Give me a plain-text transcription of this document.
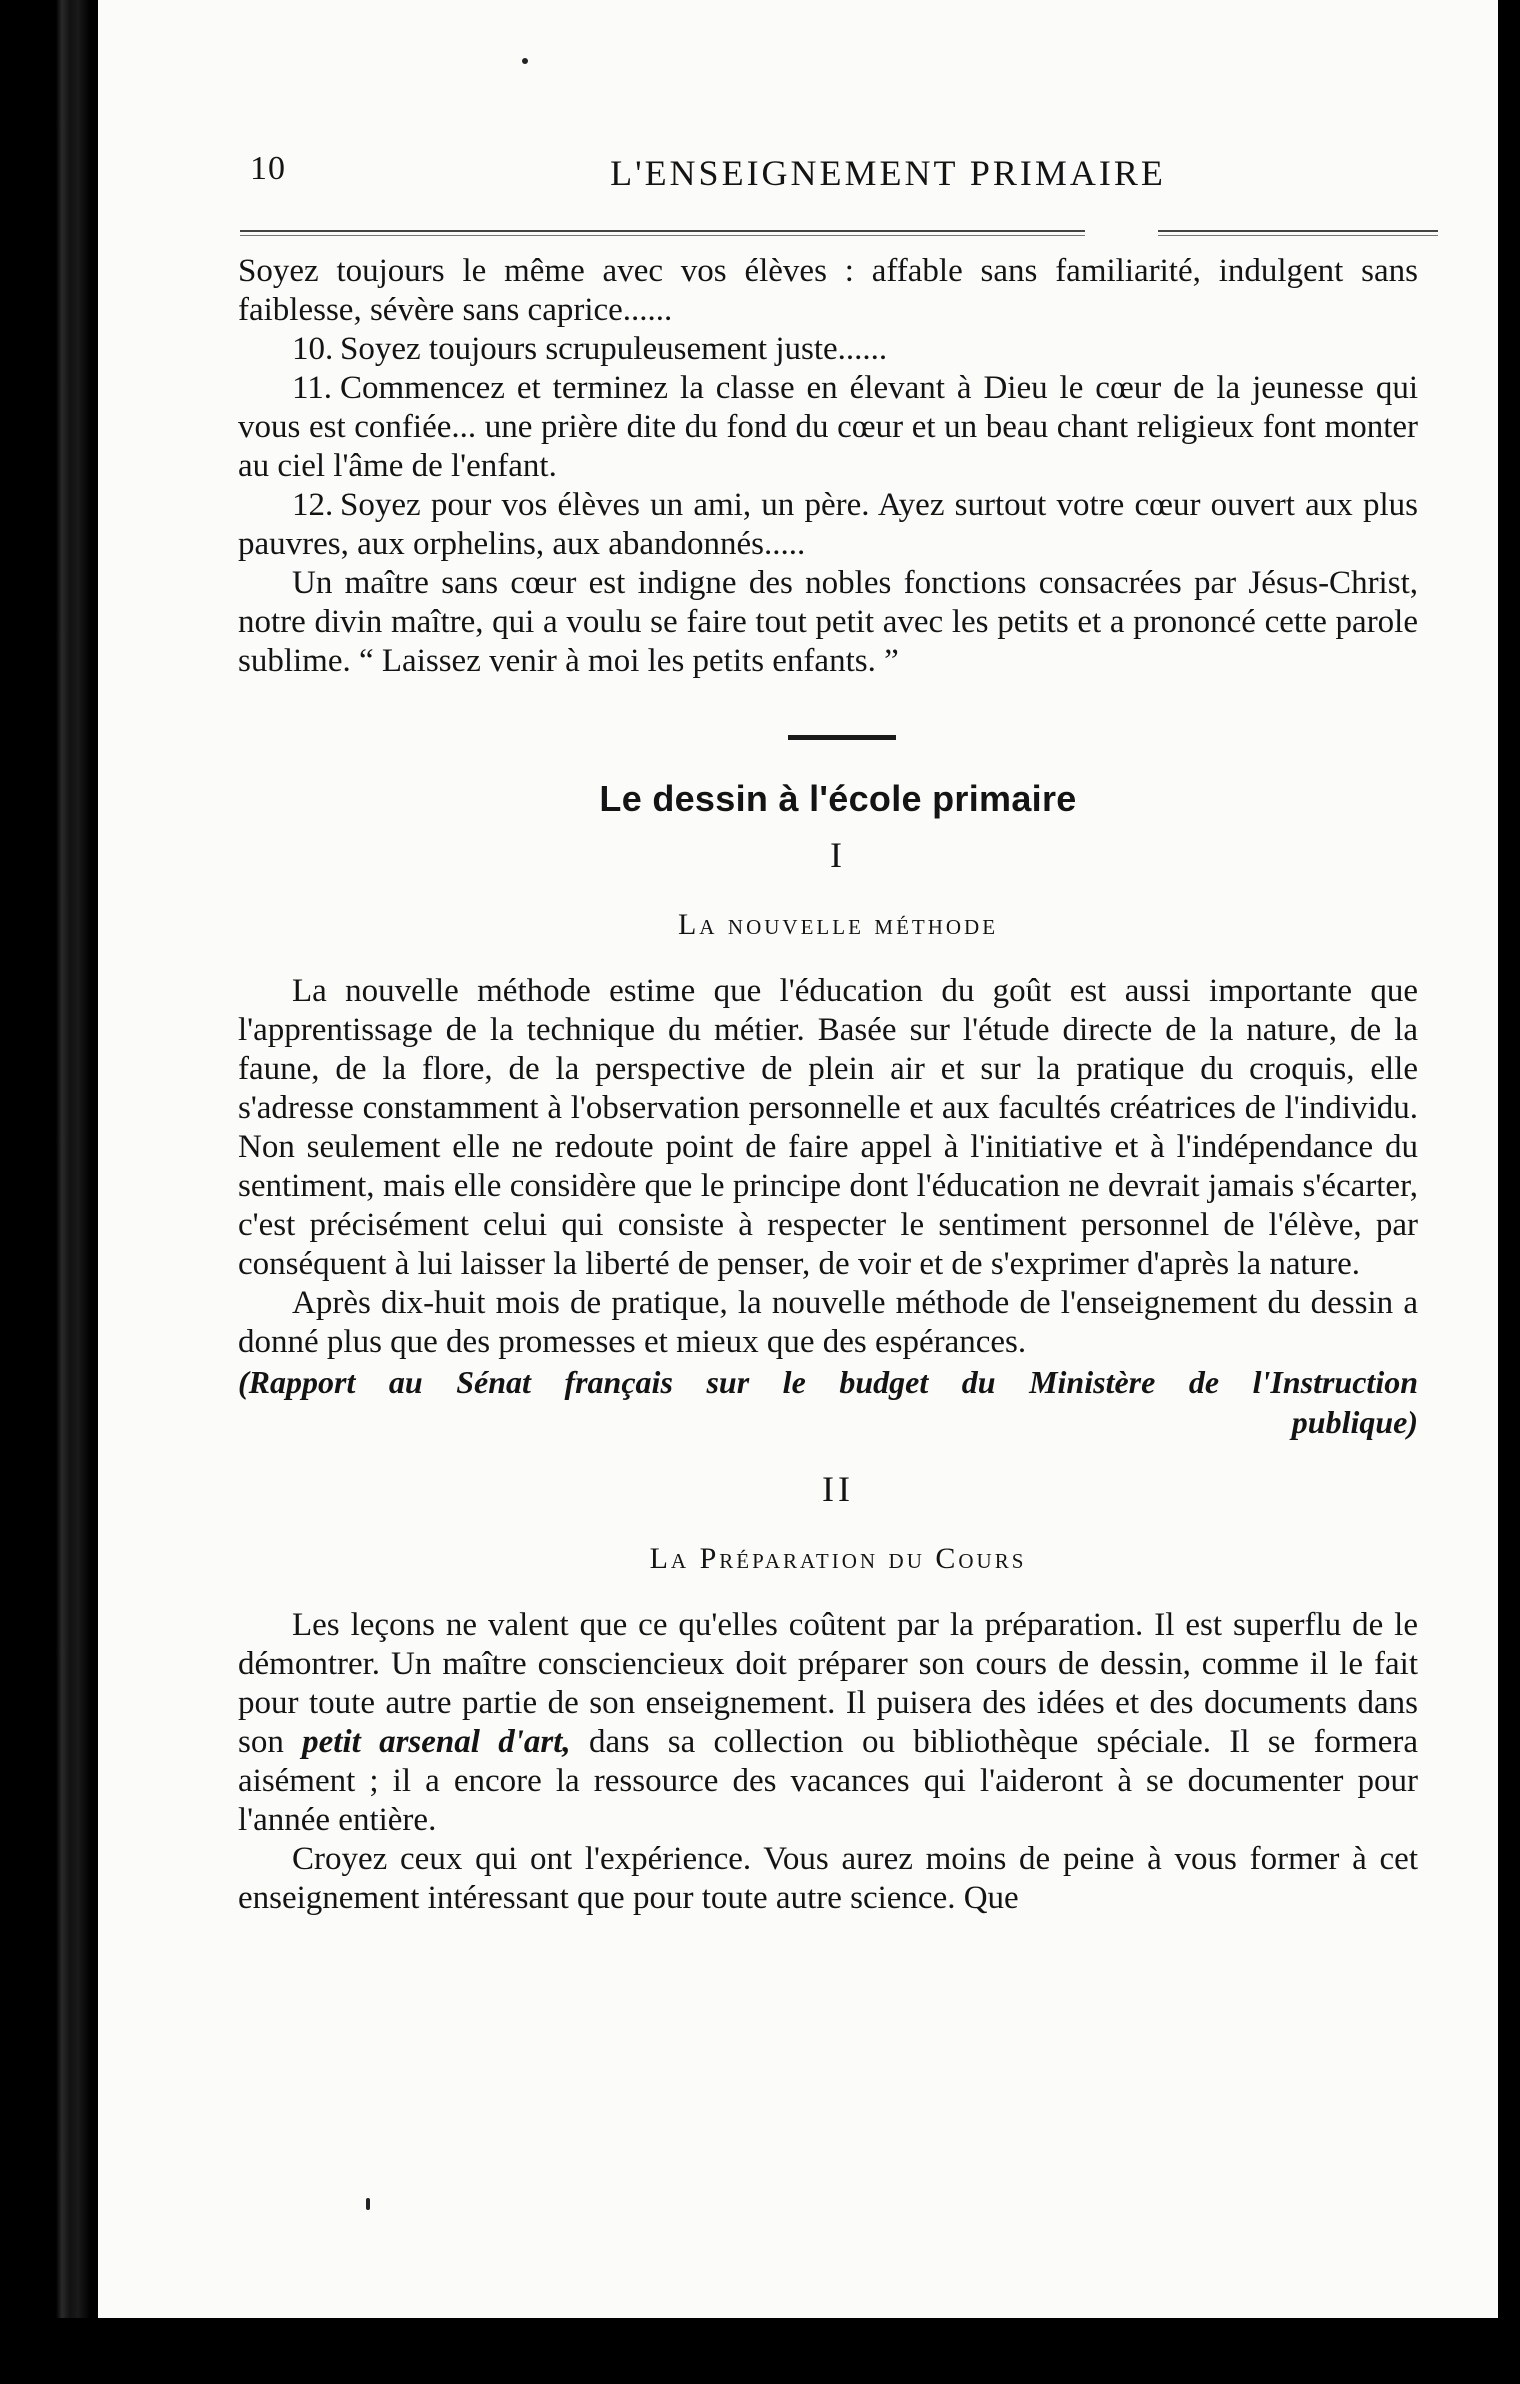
10	L'ENSEIGNEMENT PRIMAIRE

Soyez toujours le même avec vos élèves : affable sans familiarité, indulgent sans faiblesse, sévère sans caprice......

10. Soyez toujours scrupuleusement juste......

11. Commencez et terminez la classe en élevant à Dieu le cœur de la jeunesse qui vous est confiée... une prière dite du fond du cœur et un beau chant religieux font monter au ciel l'âme de l'enfant.

12. Soyez pour vos élèves un ami, un père. Ayez surtout votre cœur ouvert aux plus pauvres, aux orphelins, aux abandonnés.....

Un maître sans cœur est indigne des nobles fonctions consacrées par Jésus-Christ, notre divin maître, qui a voulu se faire tout petit avec les petits et a prononcé cette parole sublime. “ Laissez venir à moi les petits enfants. ”

Le dessin à l'école primaire
I
La nouvelle méthode

La nouvelle méthode estime que l'éducation du goût est aussi importante que l'apprentissage de la technique du métier. Basée sur l'étude directe de la nature, de la faune, de la flore, de la perspective de plein air et sur la pratique du croquis, elle s'adresse constamment à l'observation personnelle et aux facultés créatrices de l'individu. Non seulement elle ne redoute point de faire appel à l'initiative et à l'indépendance du sentiment, mais elle considère que le principe dont l'éducation ne devrait jamais s'écarter, c'est précisément celui qui consiste à respecter le sentiment personnel de l'élève, par conséquent à lui laisser la liberté de penser, de voir et de s'exprimer d'après la nature.

Après dix-huit mois de pratique, la nouvelle méthode de l'enseignement du dessin a donné plus que des promesses et mieux que des espérances.

(Rapport au Sénat français sur le budget du Ministère de l'Instruction

publique)

II
La Préparation du Cours

Les leçons ne valent que ce qu'elles coûtent par la préparation. Il est superflu de le démontrer. Un maître consciencieux doit préparer son cours de dessin, comme il le fait pour toute autre partie de son enseignement. Il puisera des idées et des documents dans son petit arsenal d'art, dans sa collection ou bibliothèque spéciale. Il se formera aisément ; il a encore la ressource des vacances qui l'aideront à se documenter pour l'année entière.

Croyez ceux qui ont l'expérience. Vous aurez moins de peine à vous former à cet enseignement intéressant que pour toute autre science. Que
